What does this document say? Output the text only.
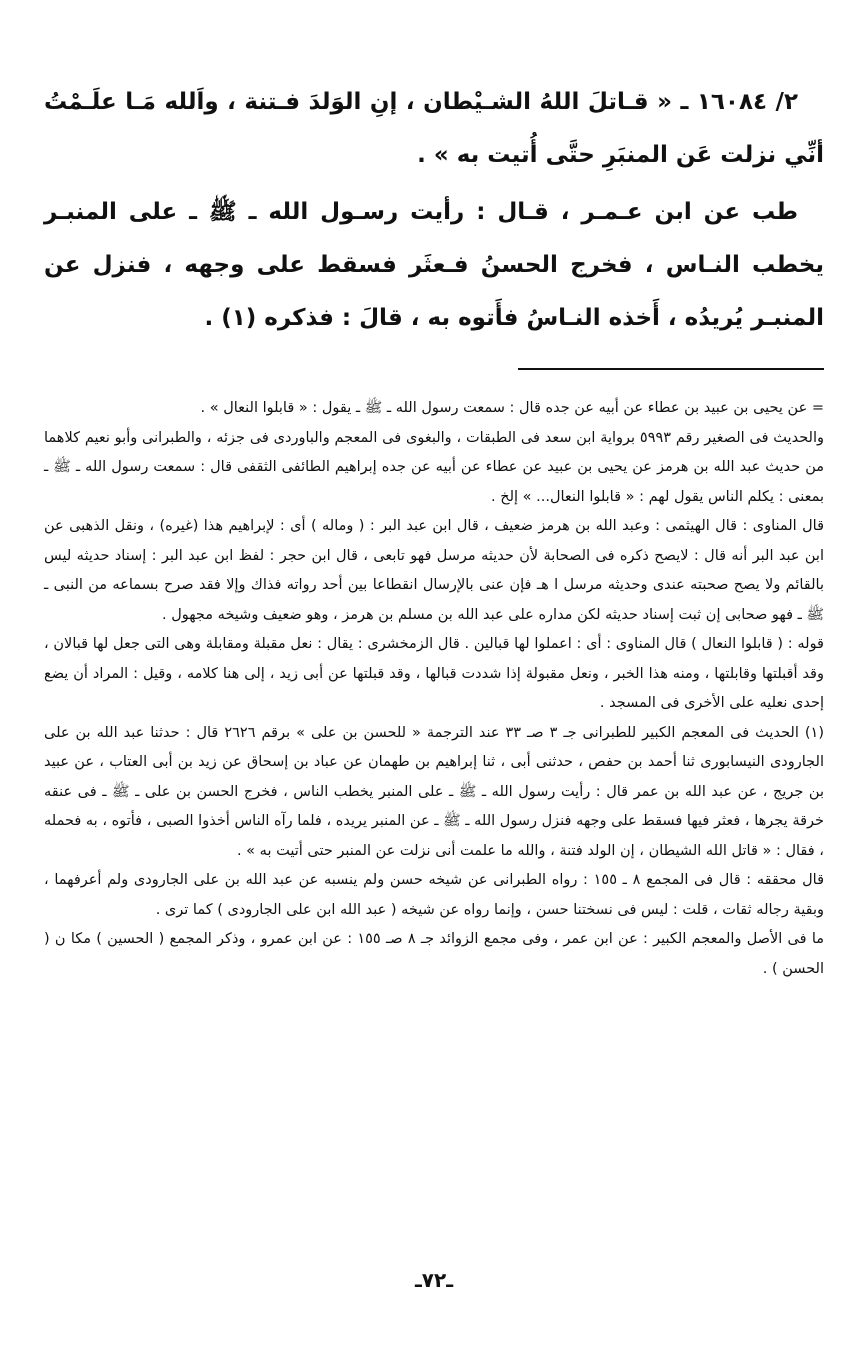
٢/ ١٦٠٨٤ ـ « قـاتلَ اللهُ الشـيْطان ، إنِ الوَلدَ فـتنة ، واَلله مَـا علَـمْتُ أنِّي نزلت عَن المنبَرِ حتَّى أُتيت به » .

طب عن ابن عـمـر ، قـال : رأيت رسـول الله ـ ﷺ ـ على المنبـر يخطب النـاس ، فخرج الحسنُ فـعثَر فسقط على وجهه ، فنزل عن المنبـر يُريدُه ، أَخذه النـاسُ فأَتوه به ، قالَ : فذكره (١) .

= عن يحيى بن عبيد بن عطاء عن أبيه عن جده قال : سمعت رسول الله ـ ﷺ ـ يقول : « قابلوا النعال » .

والحديث فى الصغير رقم ٥٩٩٣ برواية ابن سعد فى الطبقات ، والبغوى فى المعجم والباوردى فى جزئه ، والطبرانى وأبو نعيم كلاهما من حديث عبد الله بن هرمز عن يحيى بن عبيد عن عطاء عن أبيه عن جده إبراهيم الطائفى الثقفى قال : سمعت رسول الله ـ ﷺ ـ بمعنى : يكلم الناس يقول لهم : « قابلوا النعال... » إلخ .

قال المناوى : قال الهيثمى : وعبد الله بن هرمز ضعيف ، قال ابن عبد البر : ( وماله ) أى : لإبراهيم هذا (غيره) ، ونقل الذهبى عن ابن عبد البر أنه قال : لايصح ذكره فى الصحابة لأن حديثه مرسل فهو تابعى ، قال ابن حجر : لفظ ابن عبد البر : إسناد حديثه ليس بالقائم ولا يصح صحبته عندى وحديثه مرسل ا هـ فإن عنى بالإرسال انقطاعا بين أحد رواته فذاك وإلا فقد صرح بسماعه من النبى ـ ﷺ ـ فهو صحابى إن ثبت إسناد حديثه لكن مداره على عبد الله بن مسلم بن هرمز ، وهو ضعيف وشيخه مجهول .

قوله : ( قابلوا النعال ) قال المناوى : أى : اعملوا لها قبالين . قال الزمخشرى : يقال : نعل مقبلة ومقابلة وهى التى جعل لها قبالان ، وقد أقبلتها وقابلتها ، ومنه هذا الخبر ، ونعل مقبولة إذا شددت قبالها ، وقد قبلتها عن أبى زيد ، إلى هنا كلامه ، وقيل : المراد أن يضع إحدى نعليه على الأخرى فى المسجد .

(١) الحديث فى المعجم الكبير للطبرانى جـ ٣ صـ ٣٣ عند الترجمة « للحسن بن على » برقم ٢٦٢٦ قال : حدثنا عبد الله بن على الجارودى النيسابورى ثنا أحمد بن حفص ، حدثنى أبى ، ثنا إبراهيم بن طهمان عن عباد بن إسحاق عن زيد بن أبى العتاب ، عن عبيد بن جريج ، عن عبد الله بن عمر قال : رأيت رسول الله ـ ﷺ ـ على المنبر يخطب الناس ، فخرج الحسن بن على ـ ﷺ ـ فى عنقه خرقة يجرها ، فعثر فيها فسقط على وجهه فنزل رسول الله ـ ﷺ ـ عن المنبر يريده ، فلما رآه الناس أخذوا الصبى ، فأتوه ، به فحمله ، فقال : « قاتل الله الشيطان ، إن الولد فتنة ، والله ما علمت أنى نزلت عن المنبر حتى أتيت به » .

قال محققه : قال فى المجمع ٨ ـ ١٥٥ : رواه الطبرانى عن شيخه حسن ولم ينسبه عن عبد الله بن على الجارودى ولم أعرفهما ، وبقية رجاله ثقات ، قلت : ليس فى نسختنا حسن ، وإنما رواه عن شيخه ( عبد الله ابن على الجارودى ) كما ترى .

ما فى الأصل والمعجم الكبير : عن ابن عمر ، وفى مجمع الزوائد جـ ٨ صـ ١٥٥ : عن ابن عمرو ، وذكر المجمع ( الحسين ) مكا ن ( الحسن ) .

ـ٧٢ـ
